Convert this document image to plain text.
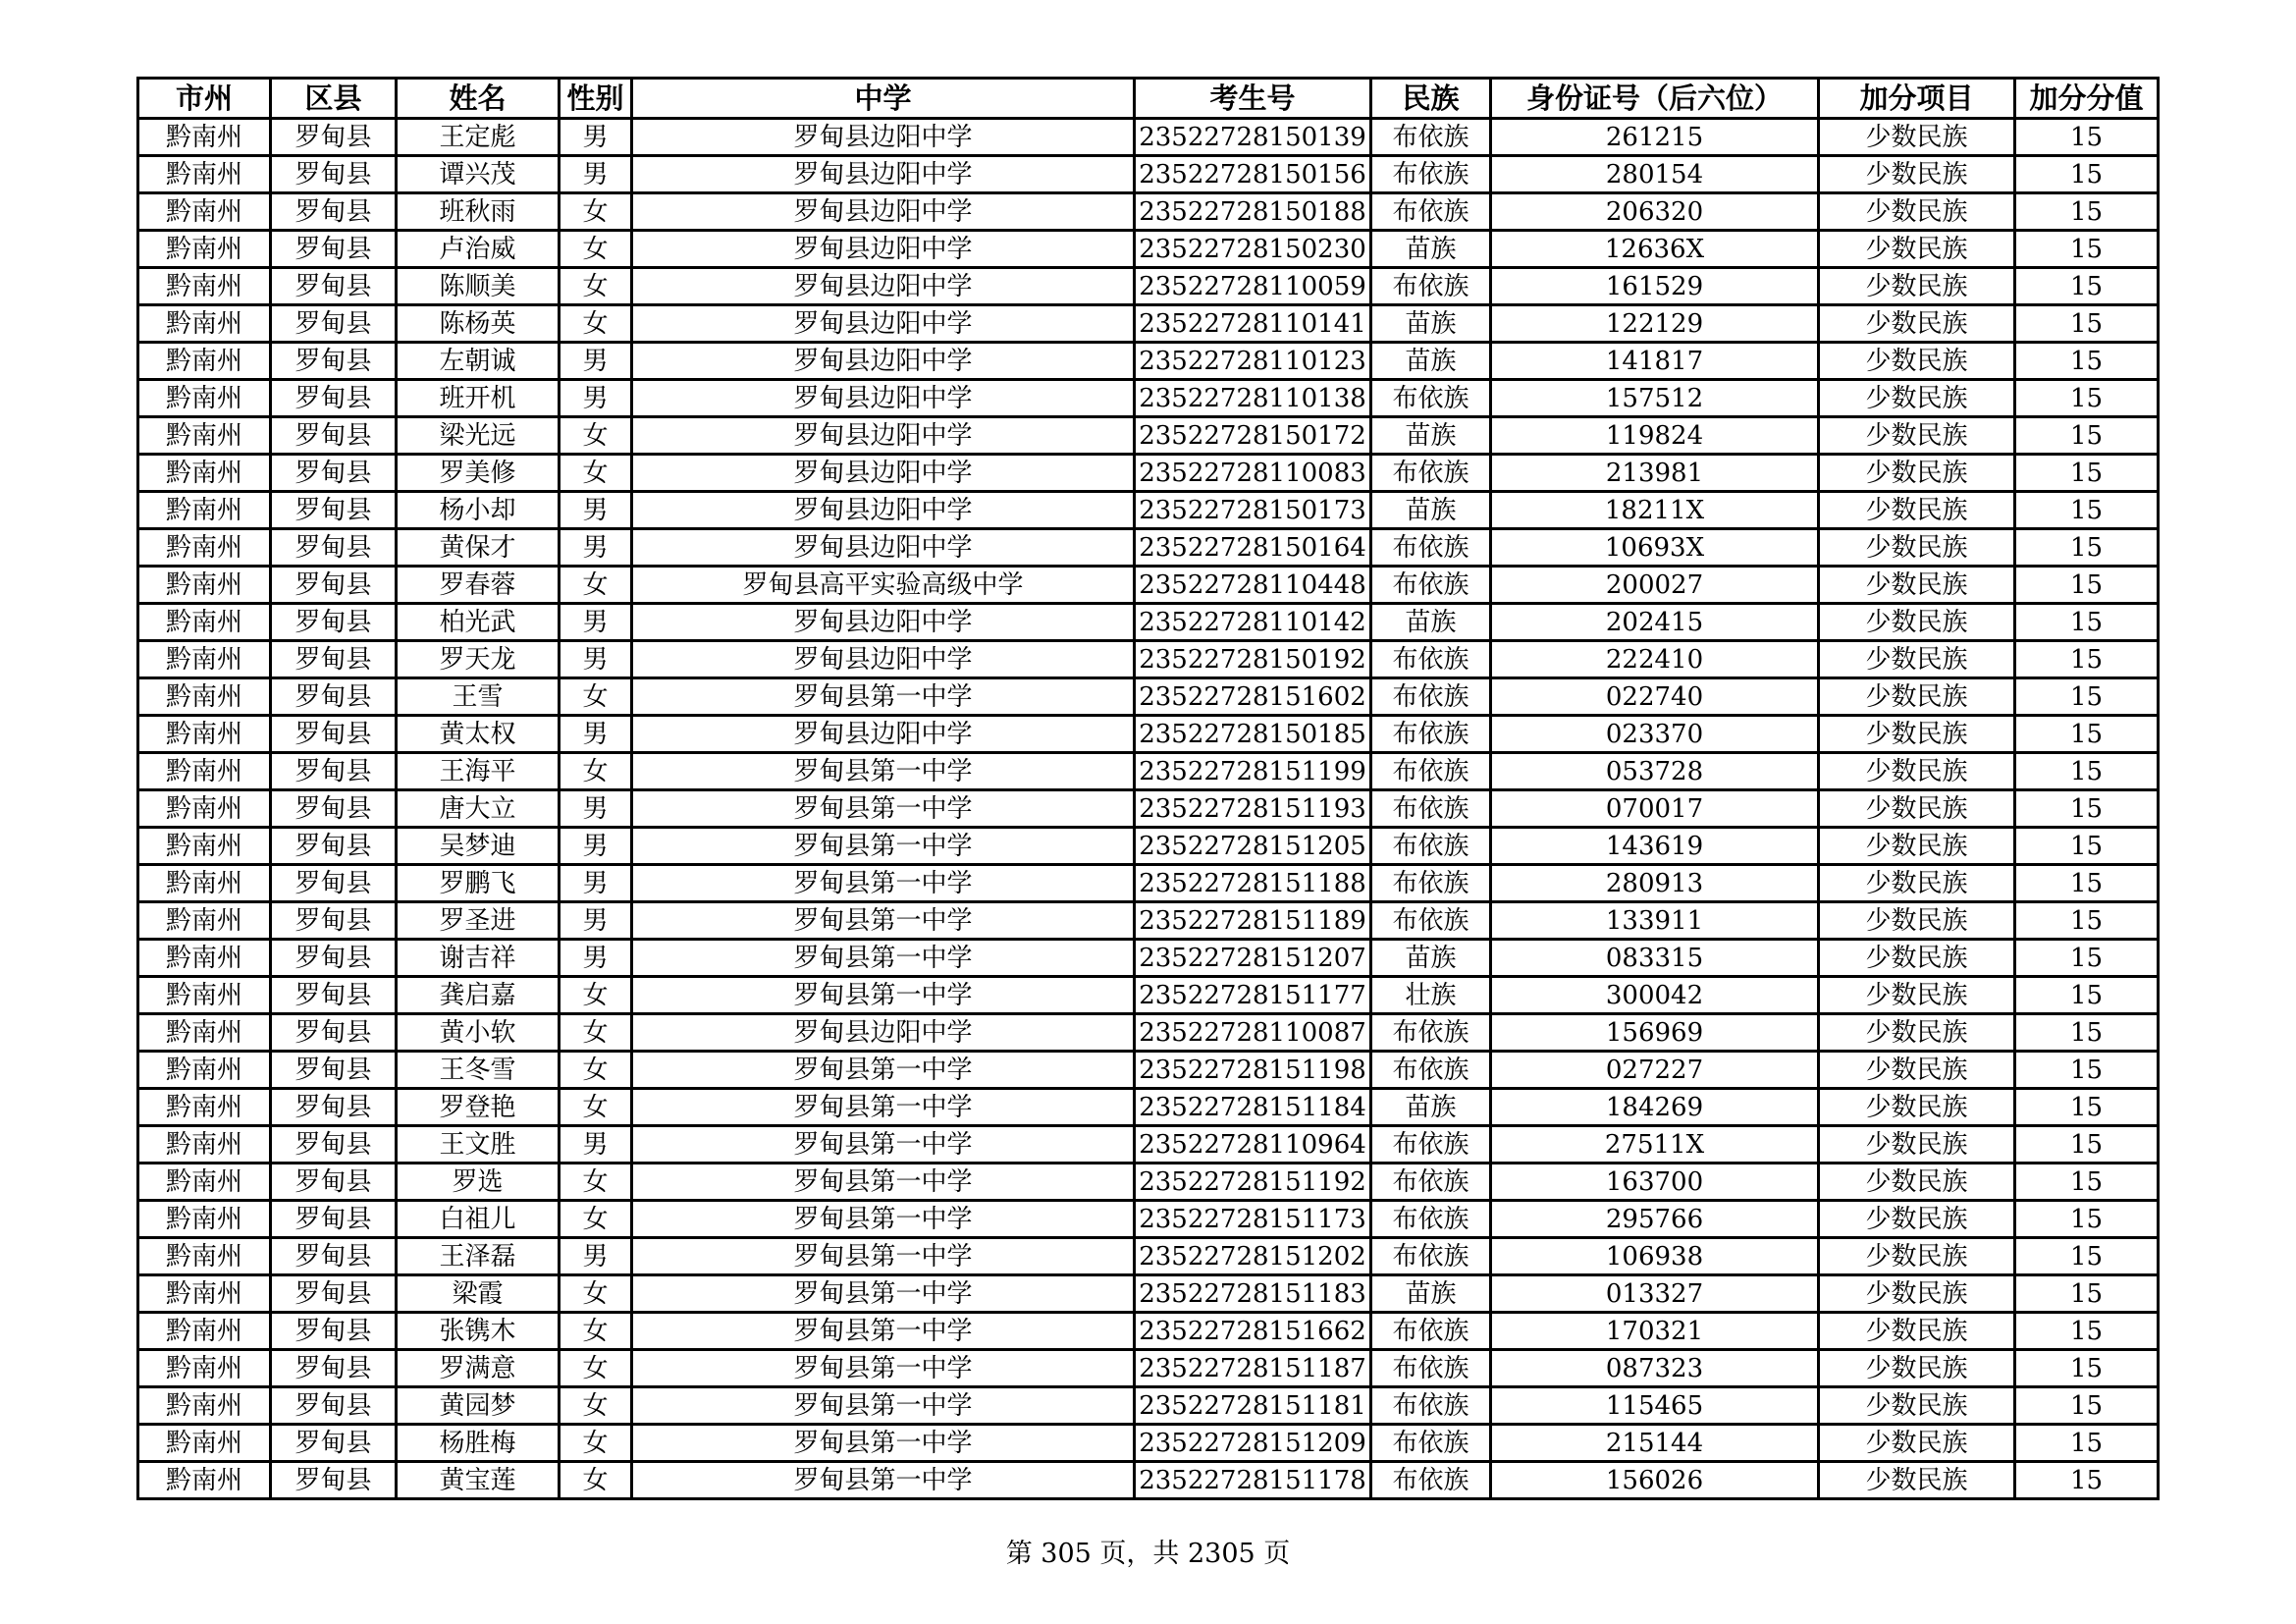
市州	区县	姓名	性别	中学	考生号	民族	身份证号（后六位）	加分项目	加分分值
黔南州	罗甸县	王定彪	男	罗甸县边阳中学	23522728150139	布依族	261215	少数民族	15
黔南州	罗甸县	谭兴茂	男	罗甸县边阳中学	23522728150156	布依族	280154	少数民族	15
黔南州	罗甸县	班秋雨	女	罗甸县边阳中学	23522728150188	布依族	206320	少数民族	15
黔南州	罗甸县	卢治威	女	罗甸县边阳中学	23522728150230	苗族	12636X	少数民族	15
黔南州	罗甸县	陈顺美	女	罗甸县边阳中学	23522728110059	布依族	161529	少数民族	15
黔南州	罗甸县	陈杨英	女	罗甸县边阳中学	23522728110141	苗族	122129	少数民族	15
黔南州	罗甸县	左朝诚	男	罗甸县边阳中学	23522728110123	苗族	141817	少数民族	15
黔南州	罗甸县	班开机	男	罗甸县边阳中学	23522728110138	布依族	157512	少数民族	15
黔南州	罗甸县	梁光远	女	罗甸县边阳中学	23522728150172	苗族	119824	少数民族	15
黔南州	罗甸县	罗美修	女	罗甸县边阳中学	23522728110083	布依族	213981	少数民族	15
黔南州	罗甸县	杨小却	男	罗甸县边阳中学	23522728150173	苗族	18211X	少数民族	15
黔南州	罗甸县	黄保才	男	罗甸县边阳中学	23522728150164	布依族	10693X	少数民族	15
黔南州	罗甸县	罗春蓉	女	罗甸县高平实验高级中学	23522728110448	布依族	200027	少数民族	15
黔南州	罗甸县	柏光武	男	罗甸县边阳中学	23522728110142	苗族	202415	少数民族	15
黔南州	罗甸县	罗天龙	男	罗甸县边阳中学	23522728150192	布依族	222410	少数民族	15
黔南州	罗甸县	王雪	女	罗甸县第一中学	23522728151602	布依族	022740	少数民族	15
黔南州	罗甸县	黄太权	男	罗甸县边阳中学	23522728150185	布依族	023370	少数民族	15
黔南州	罗甸县	王海平	女	罗甸县第一中学	23522728151199	布依族	053728	少数民族	15
黔南州	罗甸县	唐大立	男	罗甸县第一中学	23522728151193	布依族	070017	少数民族	15
黔南州	罗甸县	吴梦迪	男	罗甸县第一中学	23522728151205	布依族	143619	少数民族	15
黔南州	罗甸县	罗鹏飞	男	罗甸县第一中学	23522728151188	布依族	280913	少数民族	15
黔南州	罗甸县	罗圣进	男	罗甸县第一中学	23522728151189	布依族	133911	少数民族	15
黔南州	罗甸县	谢吉祥	男	罗甸县第一中学	23522728151207	苗族	083315	少数民族	15
黔南州	罗甸县	龚启嘉	女	罗甸县第一中学	23522728151177	壮族	300042	少数民族	15
黔南州	罗甸县	黄小软	女	罗甸县边阳中学	23522728110087	布依族	156969	少数民族	15
黔南州	罗甸县	王冬雪	女	罗甸县第一中学	23522728151198	布依族	027227	少数民族	15
黔南州	罗甸县	罗登艳	女	罗甸县第一中学	23522728151184	苗族	184269	少数民族	15
黔南州	罗甸县	王文胜	男	罗甸县第一中学	23522728110964	布依族	27511X	少数民族	15
黔南州	罗甸县	罗选	女	罗甸县第一中学	23522728151192	布依族	163700	少数民族	15
黔南州	罗甸县	白祖儿	女	罗甸县第一中学	23522728151173	布依族	295766	少数民族	15
黔南州	罗甸县	王泽磊	男	罗甸县第一中学	23522728151202	布依族	106938	少数民族	15
黔南州	罗甸县	梁霞	女	罗甸县第一中学	23522728151183	苗族	013327	少数民族	15
黔南州	罗甸县	张镌木	女	罗甸县第一中学	23522728151662	布依族	170321	少数民族	15
黔南州	罗甸县	罗满意	女	罗甸县第一中学	23522728151187	布依族	087323	少数民族	15
黔南州	罗甸县	黄园梦	女	罗甸县第一中学	23522728151181	布依族	115465	少数民族	15
黔南州	罗甸县	杨胜梅	女	罗甸县第一中学	23522728151209	布依族	215144	少数民族	15
黔南州	罗甸县	黄宝莲	女	罗甸县第一中学	23522728151178	布依族	156026	少数民族	15
第 305 页，共 2305 页
